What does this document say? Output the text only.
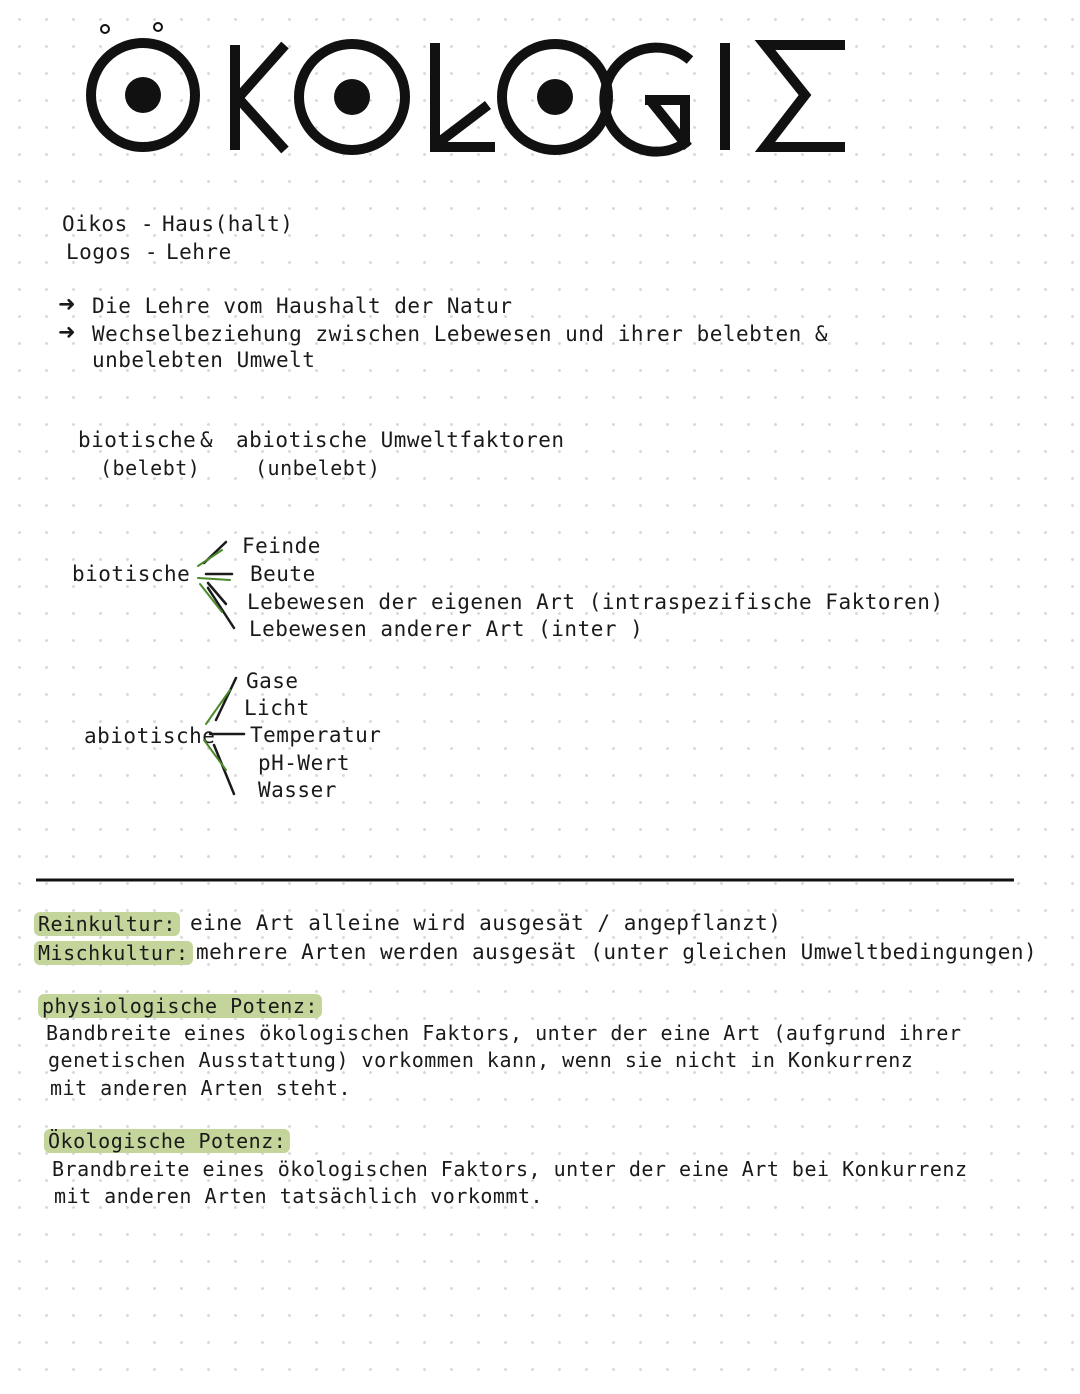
Oikos - Haus(halt)
Logos - Lehre
➜ Die Lehre vom Haushalt der Natur
➜ Wechselbeziehung zwischen Lebewesen und ihrer belebten &
unbelebten Umwelt
biotische & abiotische Umweltfaktoren
(belebt)	(unbelebt)
biotische
Feinde
Beute
Lebewesen der eigenen Art (intraspezifische Faktoren)
Lebewesen anderer Art (inter )
abiotische
Gase
Licht
Temperatur
pH-Wert
Wasser
Reinkultur: eine Art alleine wird ausgesät / angepflanzt)
Mischkultur: mehrere Arten werden ausgesät (unter gleichen Umweltbedingungen)
physiologische Potenz:
Bandbreite eines ökologischen Faktors, unter der eine Art (aufgrund ihrer
genetischen Ausstattung) vorkommen kann, wenn sie nicht in Konkurrenz
mit anderen Arten steht.
Ökologische Potenz:
Brandbreite eines ökologischen Faktors, unter der eine Art bei Konkurrenz
mit anderen Arten tatsächlich vorkommt.
